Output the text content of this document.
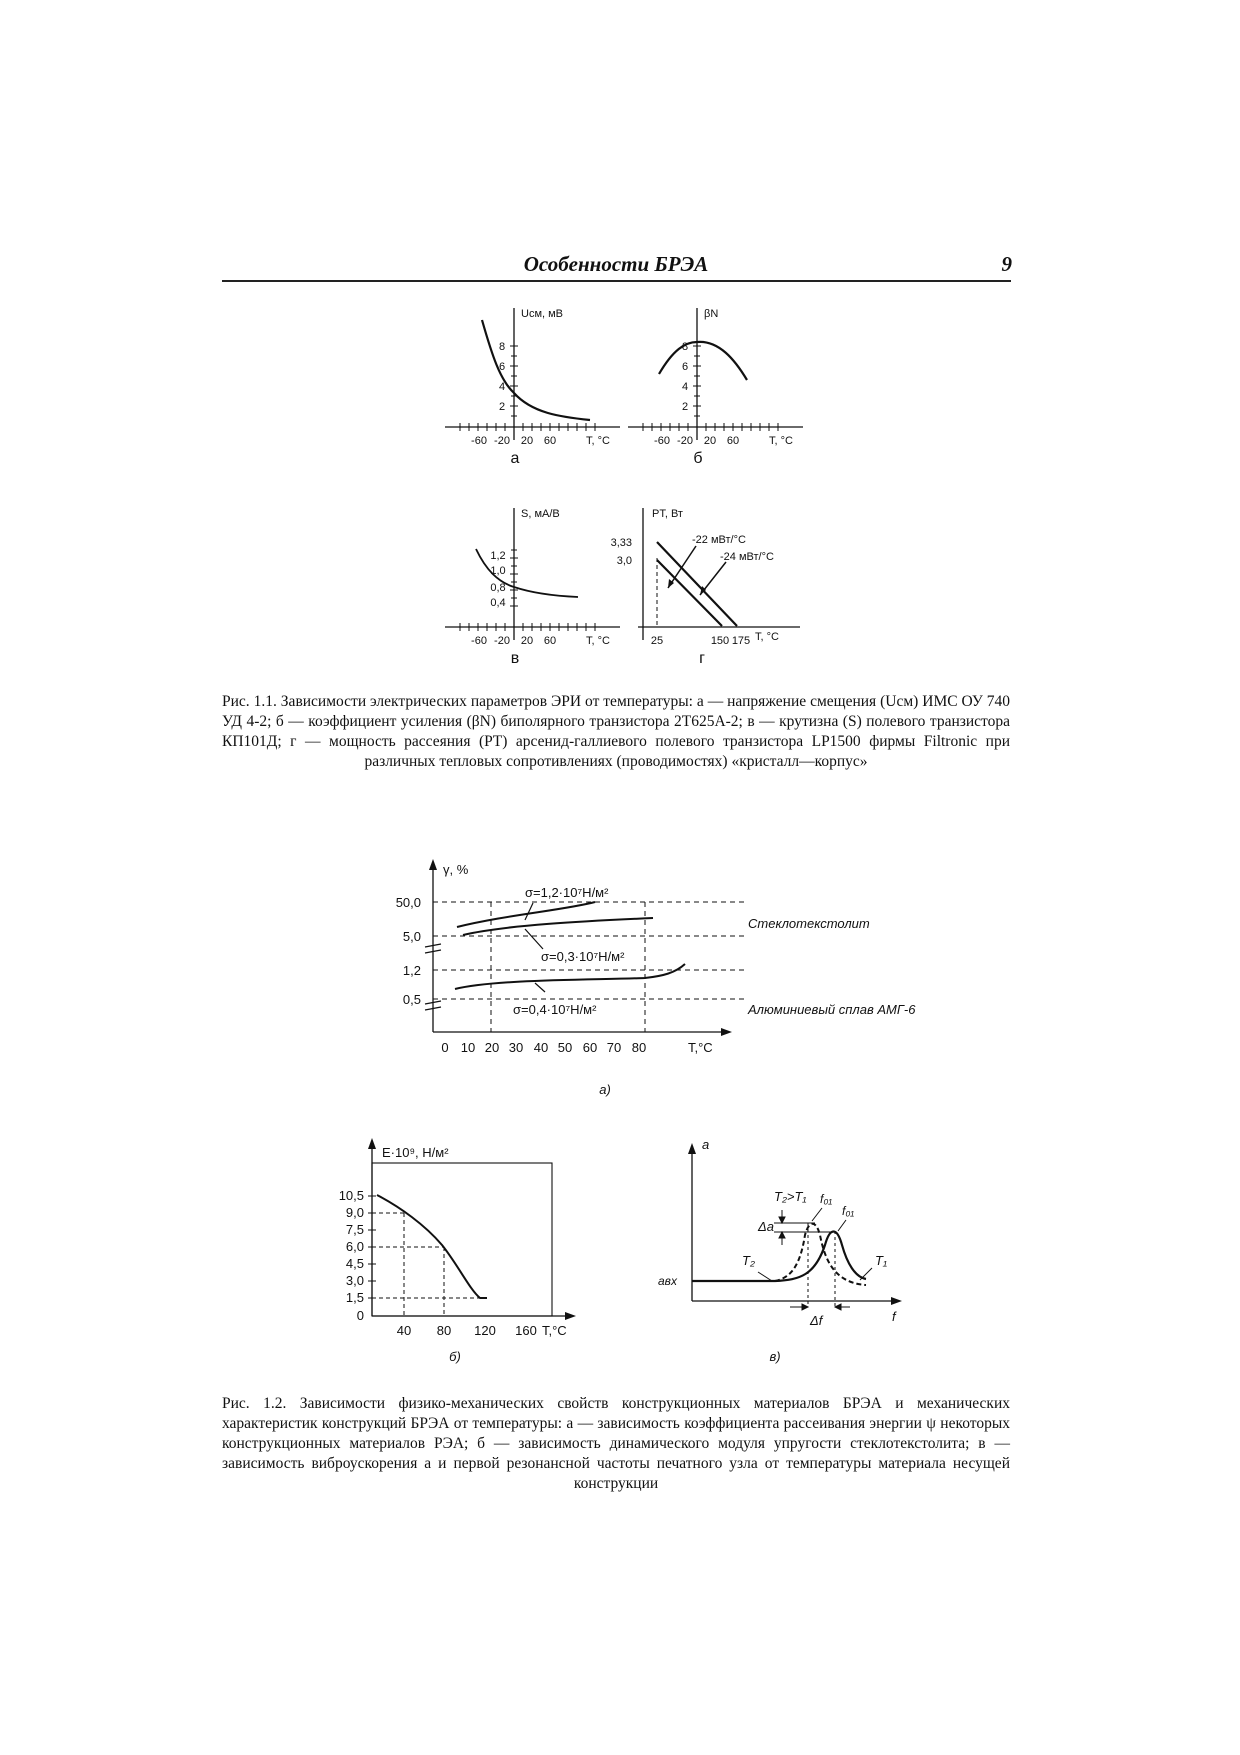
Особенности БРЭА	9
2
4
6
8
-60 -20 20 60	T, °C
Uсм, мВ
а
2
4
6
8
-60 -20 20 60	T, °C
βN
б
0,4
0,8
1,0
1,2
-60 -20 20 60	T, °C
S, мА/В
в
3,33
3,0
25	150 175 T, °C
PТ, Вт
-22 мВт/°С
-24 мВт/°С
г
Рис. 1.1. Зависимости электрических параметров ЭРИ от температуры: а — напряжение смещения (Uсм) ИМС ОУ 740 УД 4-2; б — коэффициент усиления (βN) биполярного транзистора 2Т625А-2; в — крутизна (S) полевого транзистора КП101Д; г — мощность рассеяния (PТ) арсенид-галлиевого полевого транзистора LP1500 фирмы Filtronic при различных тепловых сопротивлениях (проводимостях) «кристалл—корпус»
50,0
5,0
1,2
0,5
0 10 20 30 40 50 60 70 80	T,°C
γ, %
σ=1,2·10⁷Н/м²
σ=0,3·10⁷Н/м²
σ=0,4·10⁷Н/м²
Стеклотекстолит
Алюминиевый сплав АМГ-6
а)
10,5
9,0
7,5
6,0
4,5
3,0
1,5
0
40 80 120 160 T,°C
E·10⁹, Н/м²
б)
a
f
aвх
T₂>T₁
Δa
T₂	T₁
f₀₁
f₀₁
Δf
в)
Рис. 1.2. Зависимости физико-механических свойств конструкционных материалов БРЭА и механических характеристик конструкций БРЭА от температуры: а — зависимость коэффициента рассеивания энергии ψ некоторых конструкционных материалов РЭА; б — зависимость динамического модуля упругости стеклотекстолита; в — зависимость виброускорения a и первой резонансной частоты печатного узла от температуры материала несущей конструкции
